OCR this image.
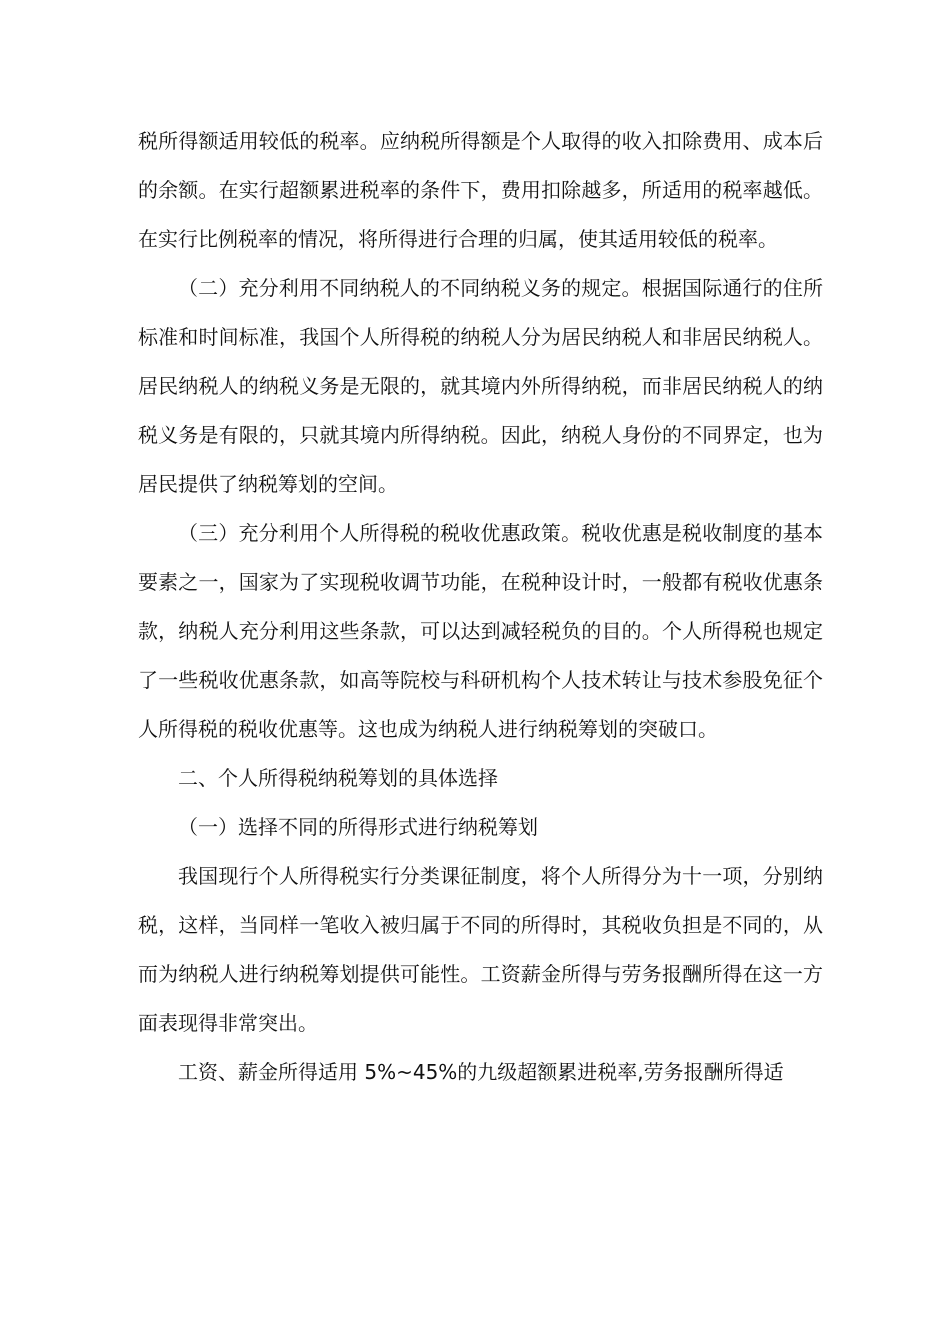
税所得额适用较低的税率。应纳税所得额是个人取得的收入扣除费用、成本后的余额。在实行超额累进税率的条件下，费用扣除越多，所适用的税率越低。在实行比例税率的情况，将所得进行合理的归属，使其适用较低的税率。

（二）充分利用不同纳税人的不同纳税义务的规定。根据国际通行的住所标准和时间标准，我国个人所得税的纳税人分为居民纳税人和非居民纳税人。居民纳税人的纳税义务是无限的，就其境内外所得纳税，而非居民纳税人的纳税义务是有限的，只就其境内所得纳税。因此，纳税人身份的不同界定，也为居民提供了纳税筹划的空间。

（三）充分利用个人所得税的税收优惠政策。税收优惠是税收制度的基本要素之一，国家为了实现税收调节功能，在税种设计时，一般都有税收优惠条款，纳税人充分利用这些条款，可以达到减轻税负的目的。个人所得税也规定了一些税收优惠条款，如高等院校与科研机构个人技术转让与技术参股免征个人所得税的税收优惠等。这也成为纳税人进行纳税筹划的突破口。

二、个人所得税纳税筹划的具体选择

（一）选择不同的所得形式进行纳税筹划

我国现行个人所得税实行分类课征制度，将个人所得分为十一项，分别纳税，这样，当同样一笔收入被归属于不同的所得时，其税收负担是不同的，从而为纳税人进行纳税筹划提供可能性。工资薪金所得与劳务报酬所得在这一方面表现得非常突出。

工资、薪金所得适用 5%~45%的九级超额累进税率,劳务报酬所得适
